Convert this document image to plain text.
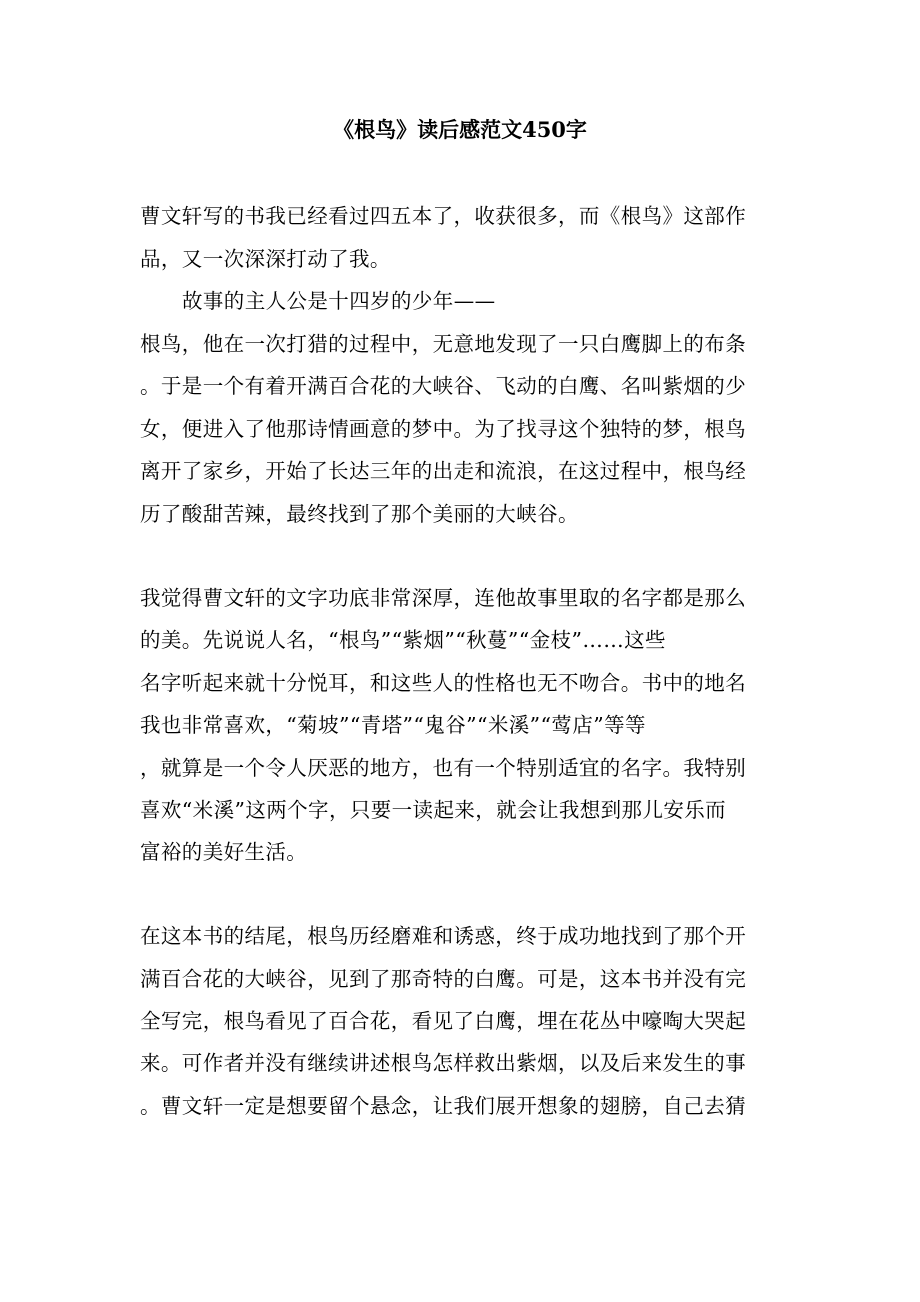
《根鸟》读后感范文450字
曹文轩写的书我已经看过四五本了，收获很多，而《根鸟》这部作
品，又一次深深打动了我。
故事的主人公是十四岁的少年——
根鸟，他在一次打猎的过程中，无意地发现了一只白鹰脚上的布条
。于是一个有着开满百合花的大峡谷、飞动的白鹰、名叫紫烟的少
女，便进入了他那诗情画意的梦中。为了找寻这个独特的梦，根鸟
离开了家乡，开始了长达三年的出走和流浪，在这过程中，根鸟经
历了酸甜苦辣，最终找到了那个美丽的大峡谷。
我觉得曹文轩的文字功底非常深厚，连他故事里取的名字都是那么
的美。先说说人名，“根鸟”“紫烟”“秋蔓”“金枝”……这些
名字听起来就十分悦耳，和这些人的性格也无不吻合。书中的地名
我也非常喜欢，“菊坡”“青塔”“鬼谷”“米溪”“莺店”等等
，就算是一个令人厌恶的地方，也有一个特别适宜的名字。我特别
喜欢“米溪”这两个字，只要一读起来，就会让我想到那儿安乐而
富裕的美好生活。
在这本书的结尾，根鸟历经磨难和诱惑，终于成功地找到了那个开
满百合花的大峡谷，见到了那奇特的白鹰。可是，这本书并没有完
全写完，根鸟看见了百合花，看见了白鹰，埋在花丛中嚎啕大哭起
来。可作者并没有继续讲述根鸟怎样救出紫烟，以及后来发生的事
。曹文轩一定是想要留个悬念，让我们展开想象的翅膀，自己去猜
